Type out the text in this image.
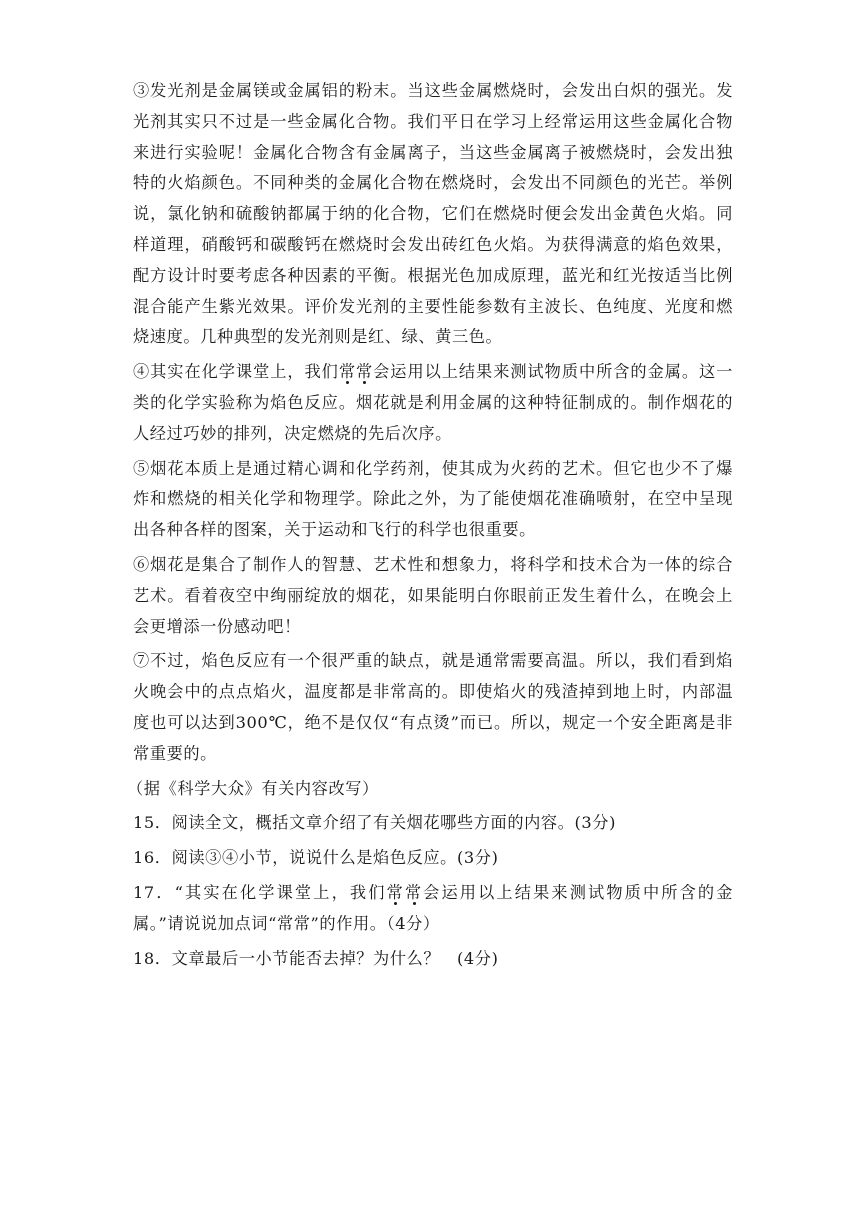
③发光剂是金属镁或金属铝的粉末。当这些金属燃烧时，会发出白炽的强光。发光剂其实只不过是一些金属化合物。我们平日在学习上经常运用这些金属化合物来进行实验呢！金属化合物含有金属离子，当这些金属离子被燃烧时，会发出独特的火焰颜色。不同种类的金属化合物在燃烧时，会发出不同颜色的光芒。举例说，氯化钠和硫酸钠都属于纳的化合物，它们在燃烧时便会发出金黄色火焰。同样道理，硝酸钙和碳酸钙在燃烧时会发出砖红色火焰。为获得满意的焰色效果，配方设计时要考虑各种因素的平衡。根据光色加成原理，蓝光和红光按适当比例混合能产生紫光效果。评价发光剂的主要性能参数有主波长、色纯度、光度和燃烧速度。几种典型的发光剂则是红、绿、黄三色。

④其实在化学课堂上，我们常常会运用以上结果来测试物质中所含的金属。这一类的化学实验称为焰色反应。烟花就是利用金属的这种特征制成的。制作烟花的人经过巧妙的排列，决定燃烧的先后次序。

⑤烟花本质上是通过精心调和化学药剂，使其成为火药的艺术。但它也少不了爆炸和燃烧的相关化学和物理学。除此之外，为了能使烟花准确喷射，在空中呈现出各种各样的图案，关于运动和飞行的科学也很重要。

⑥烟花是集合了制作人的智慧、艺术性和想象力，将科学和技术合为一体的综合艺术。看着夜空中绚丽绽放的烟花，如果能明白你眼前正发生着什么，在晚会上会更增添一份感动吧！

⑦不过，焰色反应有一个很严重的缺点，就是通常需要高温。所以，我们看到焰火晚会中的点点焰火，温度都是非常高的。即使焰火的残渣掉到地上时，内部温度也可以达到300℃，绝不是仅仅“有点烫”而已。所以，规定一个安全距离是非常重要的。

（据《科学大众》有关内容改写）

15．阅读全文，概括文章介绍了有关烟花哪些方面的内容。(3分)

16．阅读③④小节，说说什么是焰色反应。(3分)

17．“其实在化学课堂上，我们常常会运用以上结果来测试物质中所含的金属。”请说说加点词“常常”的作用。（4分）

18．文章最后一小节能否去掉？为什么？　(4分)
